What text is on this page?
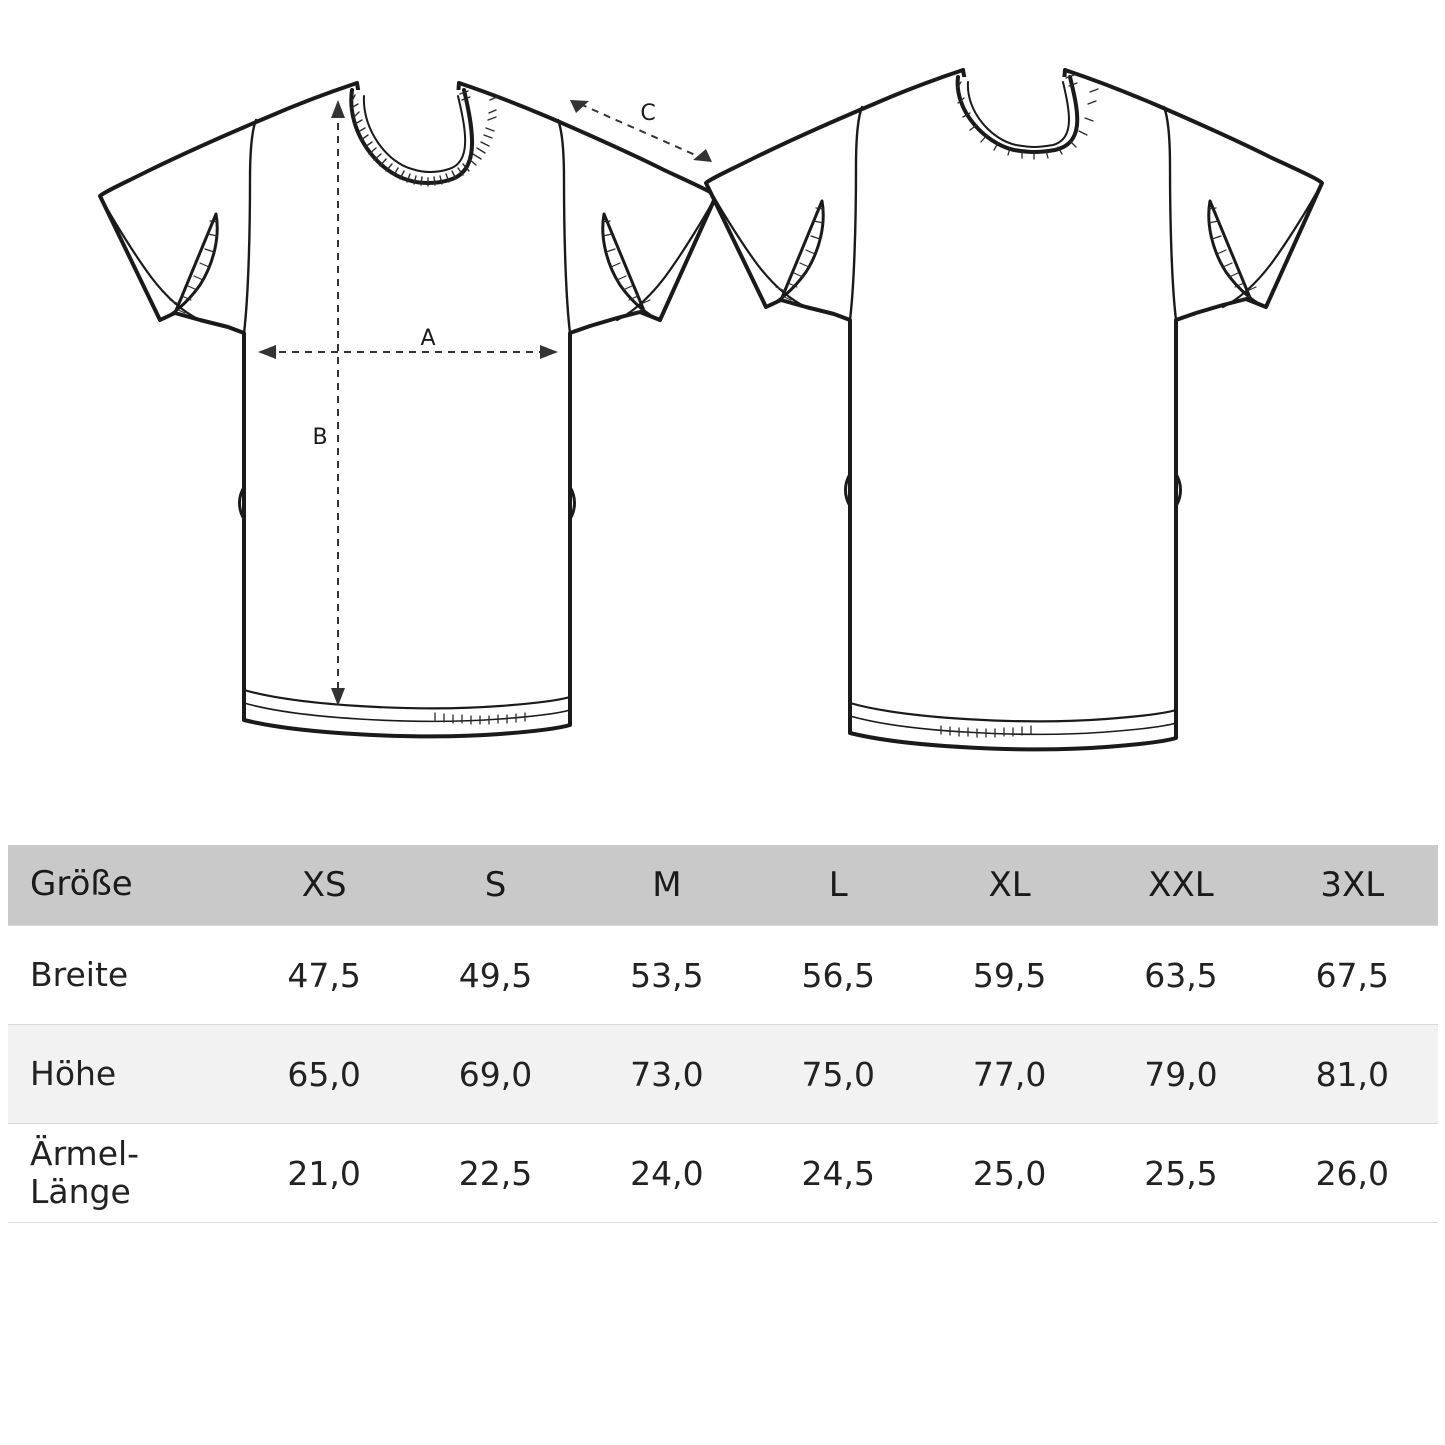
A
B
C
Größe	XS	S	M	L	XL	XXL	3XL

Breite	47,5	49,5	53,5	56,5	59,5	63,5	67,5

Höhe	65,0	69,0	73,0	75,0	77,0	79,0	81,0

Ärmel-
Länge	21,0	22,5	24,0	24,5	25,0	25,5	26,0
